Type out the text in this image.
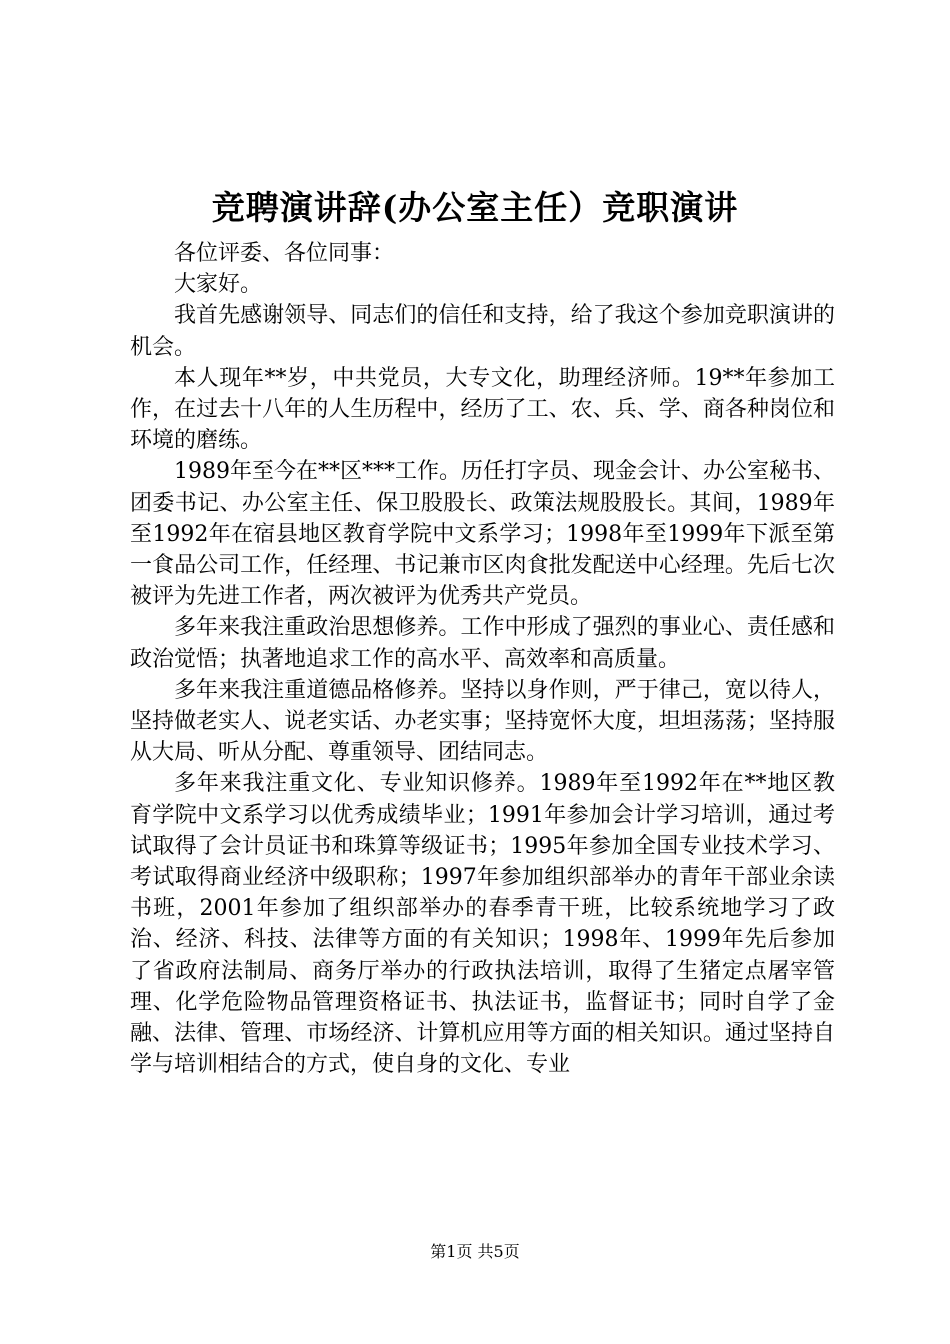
竞聘演讲辞(办公室主任）竞职演讲

各位评委、各位同事：

大家好。

我首先感谢领导、同志们的信任和支持，给了我这个参加竞职演讲的机会。

本人现年**岁，中共党员，大专文化，助理经济师。19**年参加工作，在过去十八年的人生历程中，经历了工、农、兵、学、商各种岗位和环境的磨练。

1989年至今在**区***工作。历任打字员、现金会计、办公室秘书、团委书记、办公室主任、保卫股股长、政策法规股股长。其间，1989年至1992年在宿县地区教育学院中文系学习；1998年至1999年下派至第一食品公司工作，任经理、书记兼市区肉食批发配送中心经理。先后七次被评为先进工作者，两次被评为优秀共产党员。

多年来我注重政治思想修养。工作中形成了强烈的事业心、责任感和政治觉悟；执著地追求工作的高水平、高效率和高质量。

多年来我注重道德品格修养。坚持以身作则，严于律己，宽以待人，坚持做老实人、说老实话、办老实事；坚持宽怀大度，坦坦荡荡；坚持服从大局、听从分配、尊重领导、团结同志。

多年来我注重文化、专业知识修养。1989年至1992年在**地区教育学院中文系学习以优秀成绩毕业；1991年参加会计学习培训，通过考试取得了会计员证书和珠算等级证书；1995年参加全国专业技术学习、考试取得商业经济中级职称；1997年参加组织部举办的青年干部业余读书班，2001年参加了组织部举办的春季青干班，比较系统地学习了政治、经济、科技、法律等方面的有关知识；1998年、1999年先后参加了省政府法制局、商务厅举办的行政执法培训，取得了生猪定点屠宰管理、化学危险物品管理资格证书、执法证书，监督证书；同时自学了金融、法律、管理、市场经济、计算机应用等方面的相关知识。通过坚持自学与培训相结合的方式，使自身的文化、专业

第1页 共5页
